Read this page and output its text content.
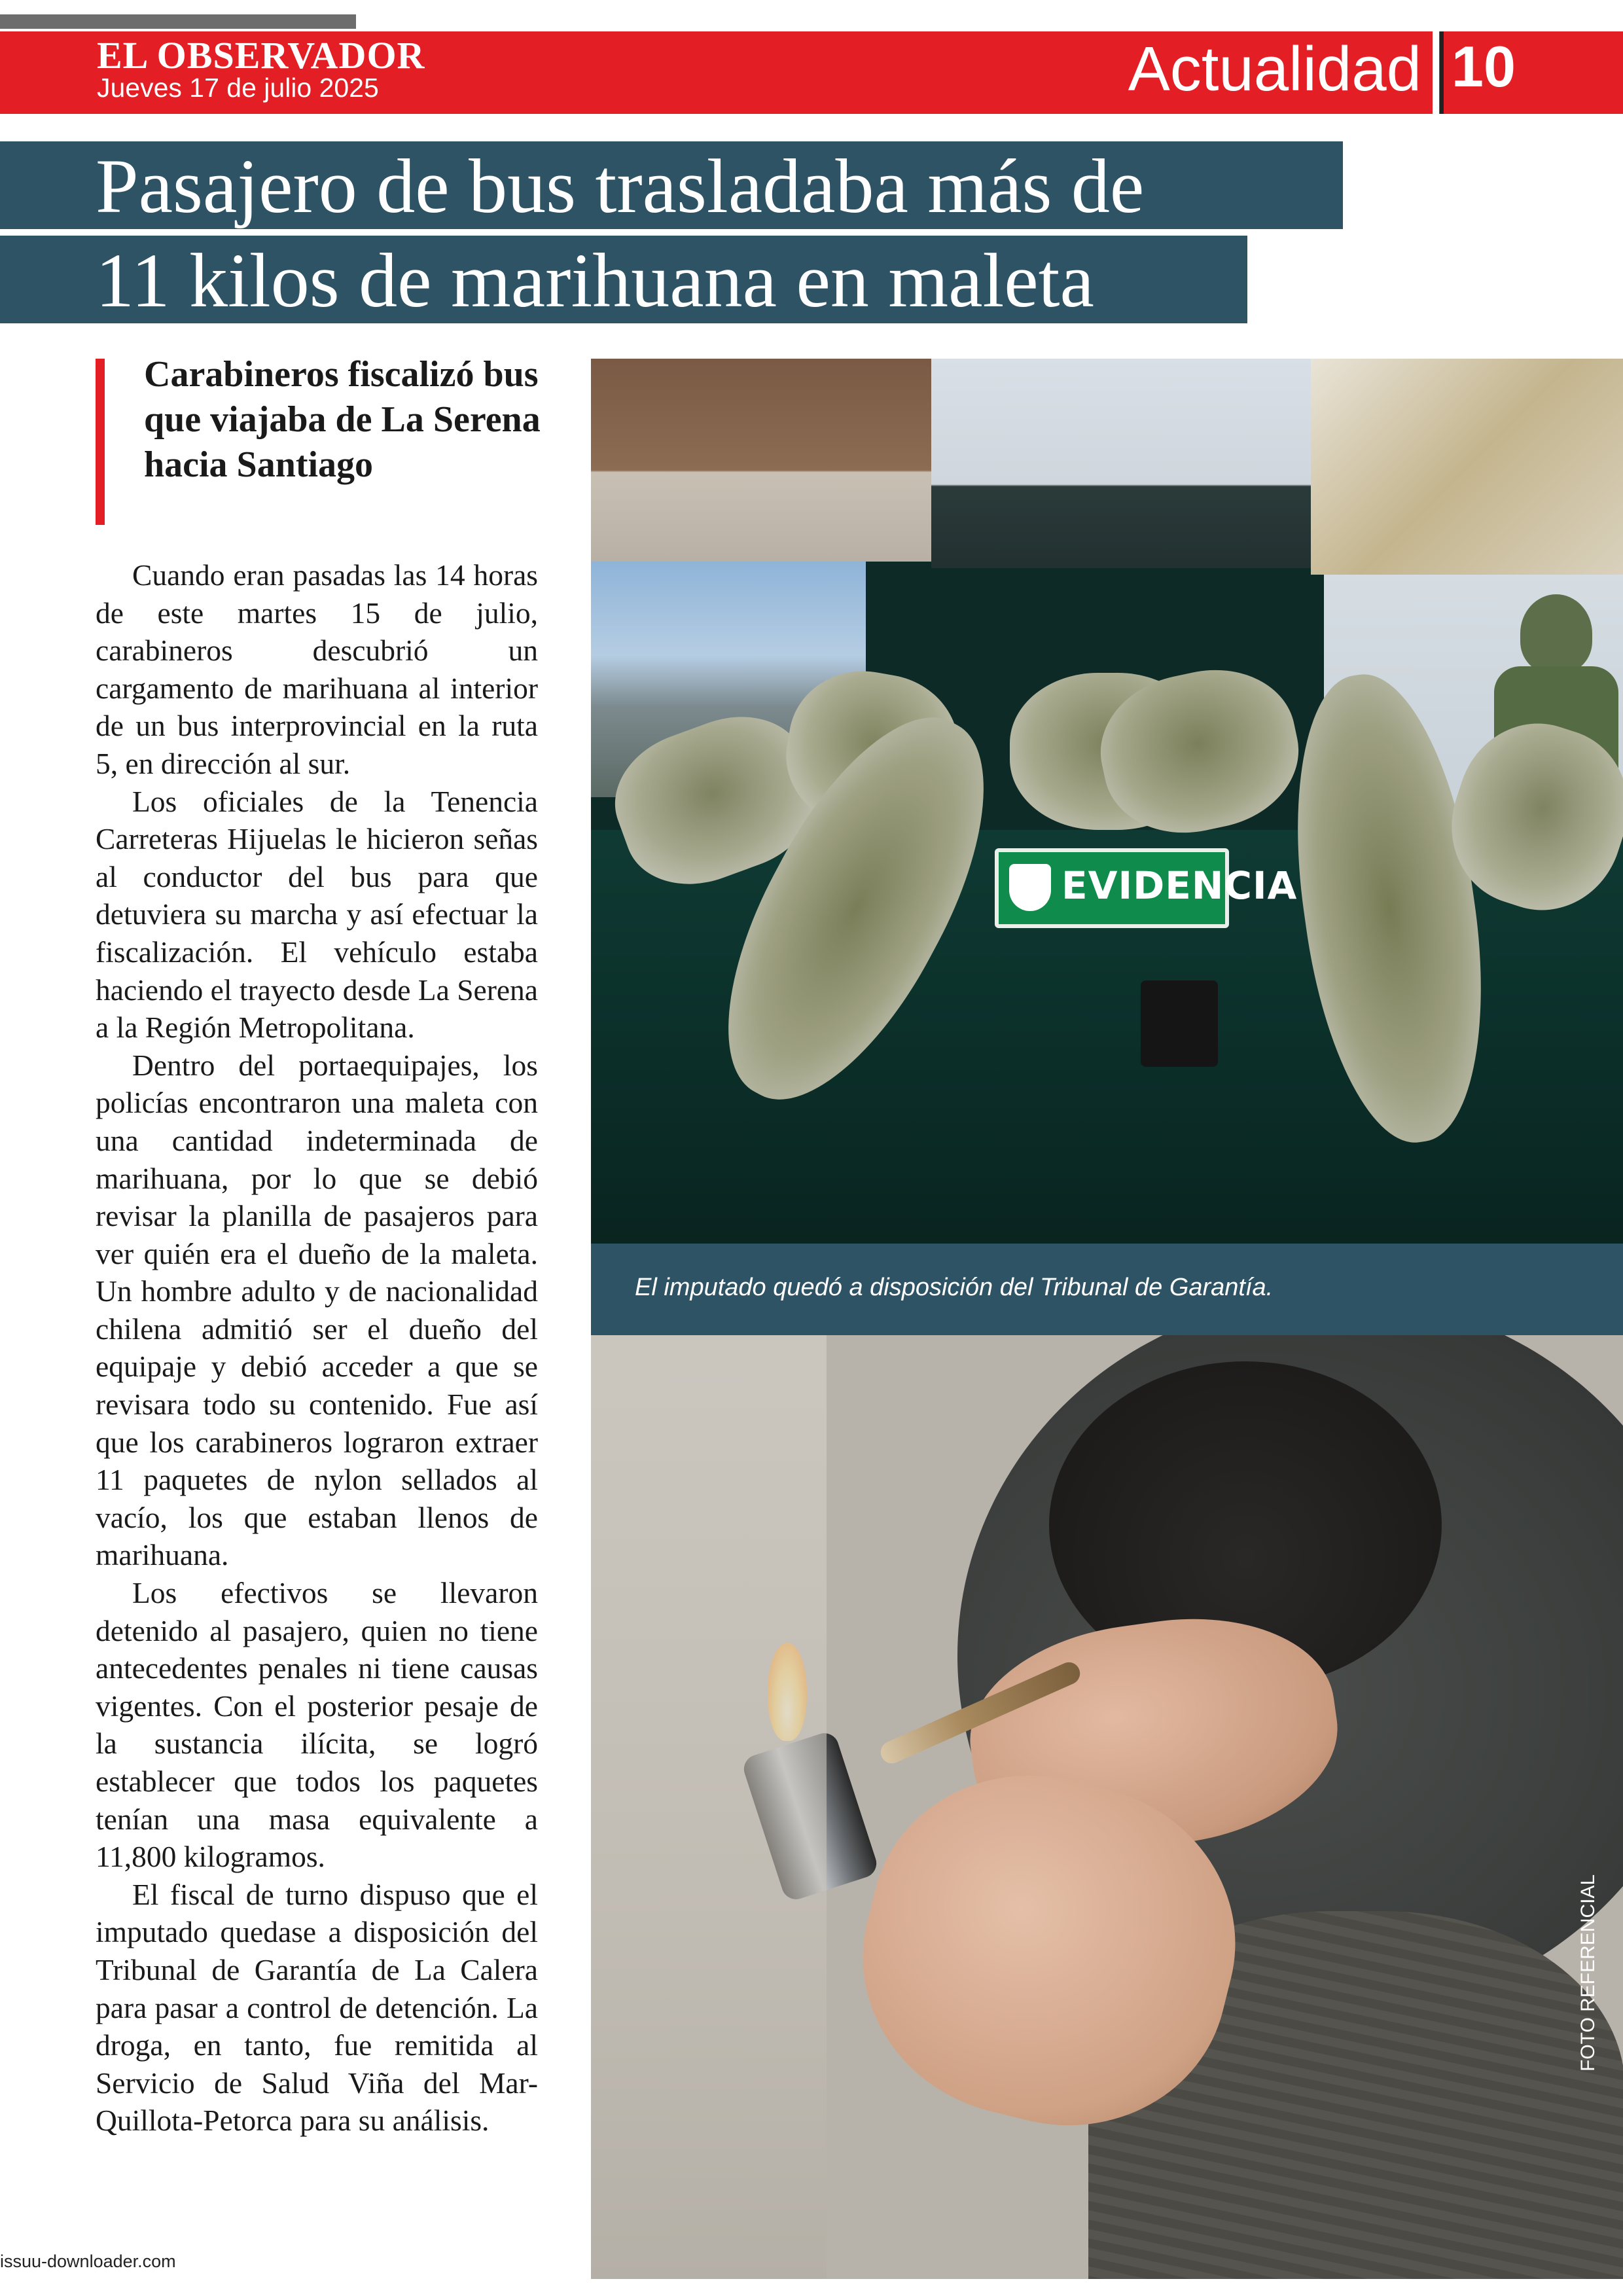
EL OBSERVADOR
Jueves 17 de julio 2025	Actualidad 10
Pasajero de bus trasladaba más de
11 kilos de marihuana en maleta
Carabineros fiscalizó bus que viajaba de La Serena hacia Santiago

Cuando eran pasadas las 14 horas de este martes 15 de julio, carabineros descubrió un cargamento de marihuana al interior de un bus interprovincial en la ruta 5, en dirección al sur.

Los oficiales de la Tenencia Carreteras Hijuelas le hicieron señas al conductor del bus para que detuviera su marcha y así efectuar la fiscalización. El vehículo estaba haciendo el trayecto desde La Serena a la Región Metropolitana.

Dentro del portaequipajes, los policías encontraron una maleta con una cantidad indeterminada de marihuana, por lo que se debió revisar la planilla de pasajeros para ver quién era el dueño de la maleta. Un hombre adulto y de nacionalidad chilena admitió ser el dueño del equipaje y debió acceder a que se revisara todo su contenido. Fue así que los carabineros lograron extraer 11 paquetes de nylon sellados al vacío, los que estaban llenos de marihuana.

Los efectivos se llevaron detenido al pasajero, quien no tiene antecedentes penales ni tiene causas vigentes. Con el posterior pesaje de la sustancia ilícita, se logró establecer que todos los paquetes tenían una masa equivalente a 11,800 kilogramos.

El fiscal de turno dispuso que el imputado quedase a disposición del Tribunal de Garantía de La Calera para pasar a control de detención. La droga, en tanto, fue remitida al Servicio de Salud Viña del Mar-Quillota-Petorca para su análisis.

EVIDENCIA
El imputado quedó a disposición del Tribunal de Garantía.
issuu-downloader.com
